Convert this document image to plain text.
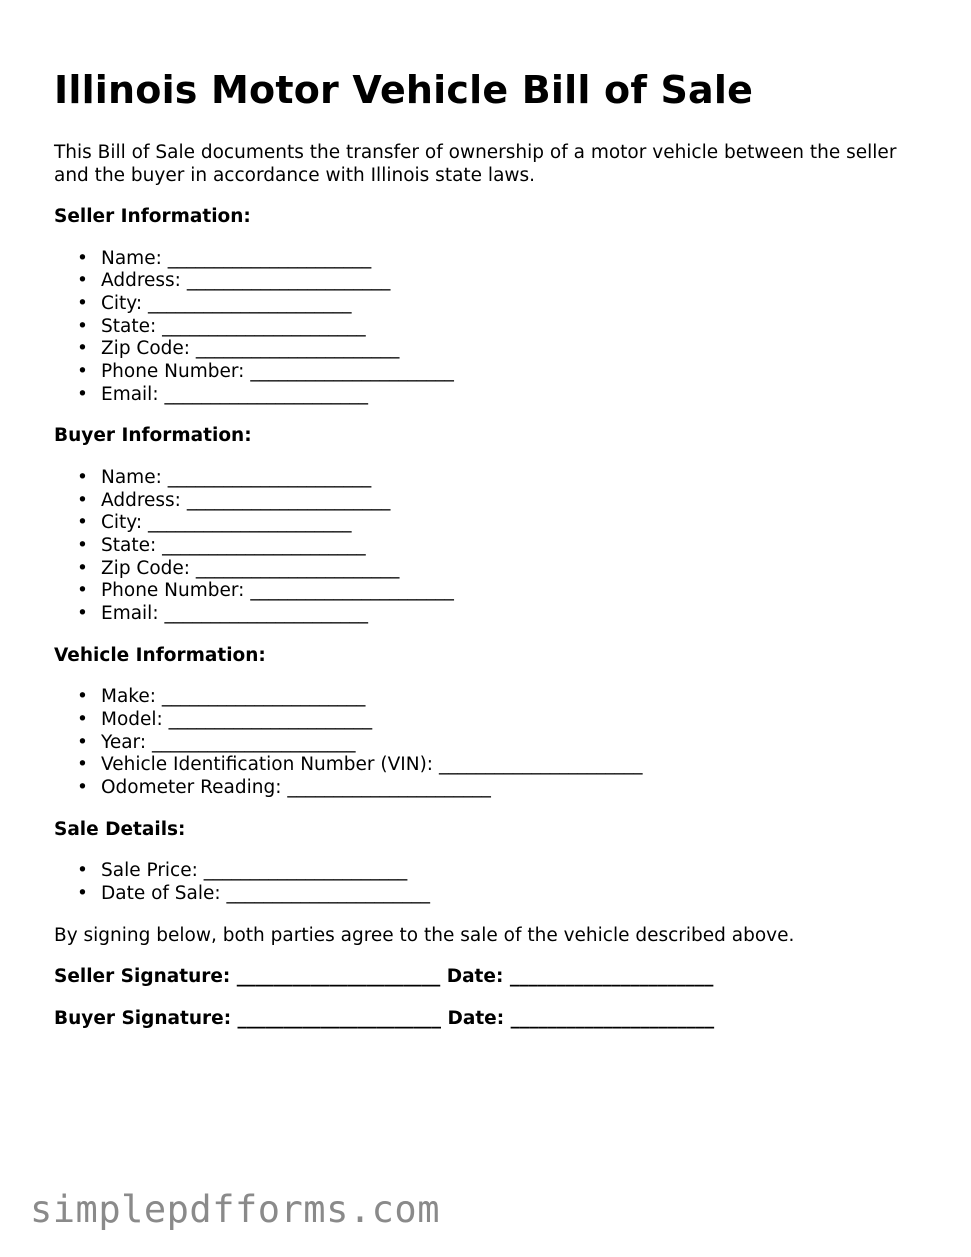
Illinois Motor Vehicle Bill of Sale

This Bill of Sale documents the transfer of ownership of a motor vehicle between the seller and the buyer in accordance with Illinois state laws.

Seller Information:
• Name: ______________________
• Address: ______________________
• City: ______________________
• State: ______________________
• Zip Code: ______________________
• Phone Number: ______________________
• Email: ______________________
Buyer Information:
• Name: ______________________
• Address: ______________________
• City: ______________________
• State: ______________________
• Zip Code: ______________________
• Phone Number: ______________________
• Email: ______________________
Vehicle Information:
• Make: ______________________
• Model: ______________________
• Year: ______________________
• Vehicle Identification Number (VIN): ______________________
• Odometer Reading: ______________________
Sale Details:
• Sale Price: ______________________
• Date of Sale: ______________________

By signing below, both parties agree to the sale of the vehicle described above.

Seller Signature: ______________________ Date: ______________________
Buyer Signature: ______________________ Date: ______________________
simplepdfforms.com
